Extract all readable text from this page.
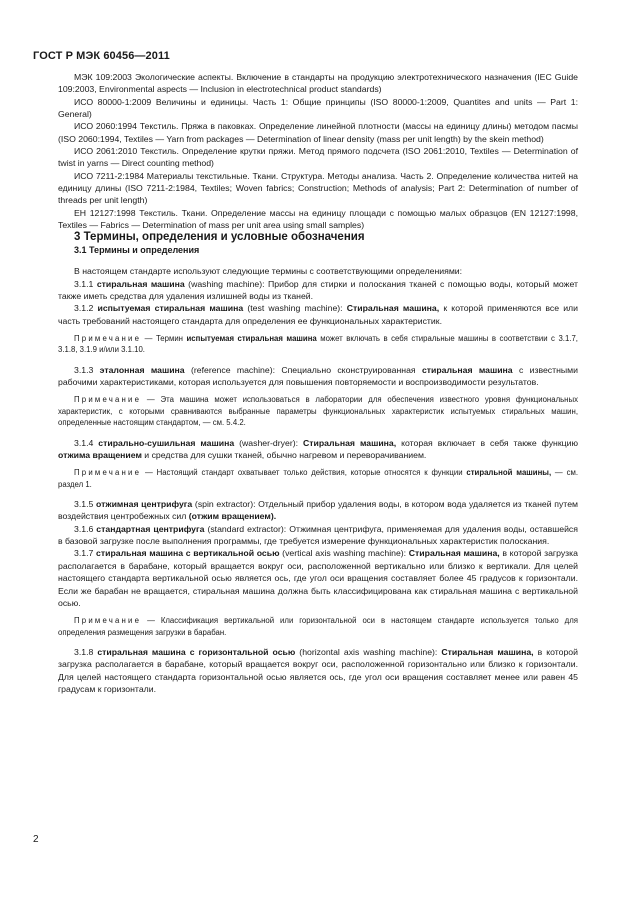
ГОСТ Р МЭК 60456—2011

МЭК 109:2003 Экологические аспекты. Включение в стандарты на продукцию электротехнического назначения (IEC Guide 109:2003, Environmental aspects — Inclusion in electrotechnical product standards)

ИСО 80000-1:2009 Величины и единицы. Часть 1: Общие принципы (ISO 80000-1:2009, Quantites and units — Part 1: General)

ИСО 2060:1994 Текстиль. Пряжа в паковках. Определение линейной плотности (массы на единицу длины) методом пасмы (ISO 2060:1994, Textiles — Yarn from packages — Determination of linear density (mass per unit length) by the skein method)

ИСО 2061:2010 Текстиль. Определение крутки пряжи. Метод прямого подсчета (ISO 2061:2010, Textiles — Determination of twist in yarns — Direct counting method)

ИСО 7211-2:1984 Материалы текстильные. Ткани. Структура. Методы анализа. Часть 2. Определение количества нитей на единицу длины (ISO 7211-2:1984, Textiles; Woven fabrics; Construction; Methods of analysis; Part 2: Determination of number of threads per unit length)

ЕН 12127:1998 Текстиль. Ткани. Определение массы на единицу площади с помощью малых образцов (EN 12127:1998, Textiles — Fabrics — Determination of mass per unit area using small samples)

3 Термины, определения и условные обозначения

3.1 Термины и определения

В настоящем стандарте используют следующие термины с соответствующими определениями:

3.1.1 стиральная машина (washing machine): Прибор для стирки и полоскания тканей с помощью воды, который может также иметь средства для удаления излишней воды из тканей.

3.1.2 испытуемая стиральная машина (test washing machine): Стиральная машина, к которой применяются все или часть требований настоящего стандарта для определения ее функциональных характеристик.

Примечание — Термин испытуемая стиральная машина может включать в себя стиральные машины в соответствии с 3.1.7, 3.1.8, 3.1.9 и/или 3.1.10.

3.1.3 эталонная машина (reference machine): Специально сконструированная стиральная машина с известными рабочими характеристиками, которая используется для повышения повторяемости и воспроизводимости результатов.

Примечание — Эта машина может использоваться в лаборатории для обеспечения известного уровня функциональных характеристик, с которыми сравниваются выбранные параметры функциональных характеристик испытуемых стиральных машин, определенные настоящим стандартом, — см. 5.4.2.

3.1.4 стирально-сушильная машина (washer-dryer): Стиральная машина, которая включает в себя также функцию отжима вращением и средства для сушки тканей, обычно нагревом и переворачиванием.

Примечание — Настоящий стандарт охватывает только действия, которые относятся к функции стиральной машины, — см. раздел 1.

3.1.5 отжимная центрифуга (spin extractor): Отдельный прибор удаления воды, в котором вода удаляется из тканей путем воздействия центробежных сил (отжим вращением).

3.1.6 стандартная центрифуга (standard extractor): Отжимная центрифуга, применяемая для удаления воды, оставшейся в базовой загрузке после выполнения программы, где требуется измерение функциональных характеристик полоскания.

3.1.7 стиральная машина с вертикальной осью (vertical axis washing machine): Стиральная машина, в которой загрузка располагается в барабане, который вращается вокруг оси, расположенной вертикально или близко к вертикали. Для целей настоящего стандарта вертикальной осью является ось, где угол оси вращения составляет более 45 градусов к горизонтали. Если же барабан не вращается, стиральная машина должна быть классифицирована как стиральная машина с вертикальной осью.

Примечание — Классификация вертикальной или горизонтальной оси в настоящем стандарте используется только для определения размещения загрузки в барабан.

3.1.8 стиральная машина с горизонтальной осью (horizontal axis washing machine): Стиральная машина, в которой загрузка располагается в барабане, который вращается вокруг оси, расположенной горизонтально или близко к горизонтали. Для целей настоящего стандарта горизонтальной осью является ось, где угол оси вращения составляет менее или равен 45 градусам к горизонтали.

2
